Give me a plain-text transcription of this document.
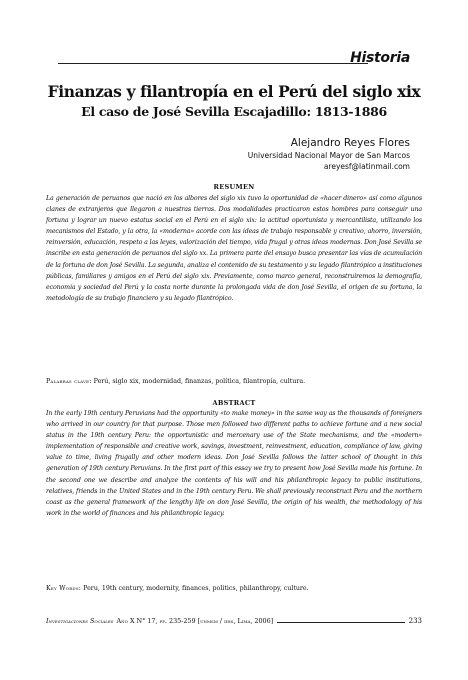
Historia
Finanzas y filantropía en el Perú del siglo xix
El caso de José Sevilla Escajadillo: 1813-1886
Alejandro Reyes Flores
Universidad Nacional Mayor de San Marcos
areyesf@latinmail.com
RESUMEN
La generación de peruanos que nació en los albores del siglo xix tuvo la oportunidad de «hacer dinero» así como algunos clanes de extranjeros que llegaron a nuestras tierras. Dos modalidades practicaron estos hombres para conseguir una fortuna y lograr un nuevo estatus social en el Perú en el siglo xix: la actitud oportunista y mercantilista, utilizando los mecanismos del Estado, y la otra, la «moderna» acorde con las ideas de trabajo responsable y creativo, ahorro, inversión, reinversión, educación, respeto a las leyes, valorización del tiempo, vida frugal y otras ideas modernas. Don José Sevilla se inscribe en esta generación de peruanos del siglo xx. La primera parte del ensayo busca presentar las vías de acumulación de la fortuna de don José Sevilla. La segunda, analiza el contenido de su testamento y su legado filantrópico a instituciones públicas, familiares y amigos en el Perú del siglo xix. Previamente, como marco general, reconstruiremos la demografía, economía y sociedad del Perú y la costa norte durante la prolongada vida de don José Sevilla, el origen de su fortuna, la metodología de su trabajo financiero y su legado filantrópico.
Palabras clave: Perú, siglo xix, modernidad, finanzas, política, filantropía, cultura.
ABSTRACT
In the early 19th century Peruvians had the opportunity «to make money» in the same way as the thousands of foreigners who arrived in our country for that purpose. Those men followed two different paths to achieve fortune and a new social status in the 19th century Peru: the opportunistic and mercenary use of the State mechanisms, and the «modern» implementation of responsible and creative work, savings, investment, reinvestment, education, compliance of law, giving value to time, living frugally and other modern ideas. Don José Sevilla follows the latter school of thought in this generation of 19th century Peruvians. In the first part of this essay we try to present how José Sevilla made his fortune. In the second one we describe and analyze the contents of his will and his philanthropic legacy to public institutions, relatives, friends in the United States and in the 19th century Peru. We shall previously reconstruct Peru and the northern coast as the general framework of the lengthy life on don José Sevilla, the origin of his wealth, the methodology of his work in the world of finances and his philanthropic legacy.
Key Words: Peru, 19th century, modernity, finances, politics, philanthropy, culture.
Investigaciones Sociales Año X N° 17, pp. 235-259 [unmsm / iihs, Lima, 2006]	233
